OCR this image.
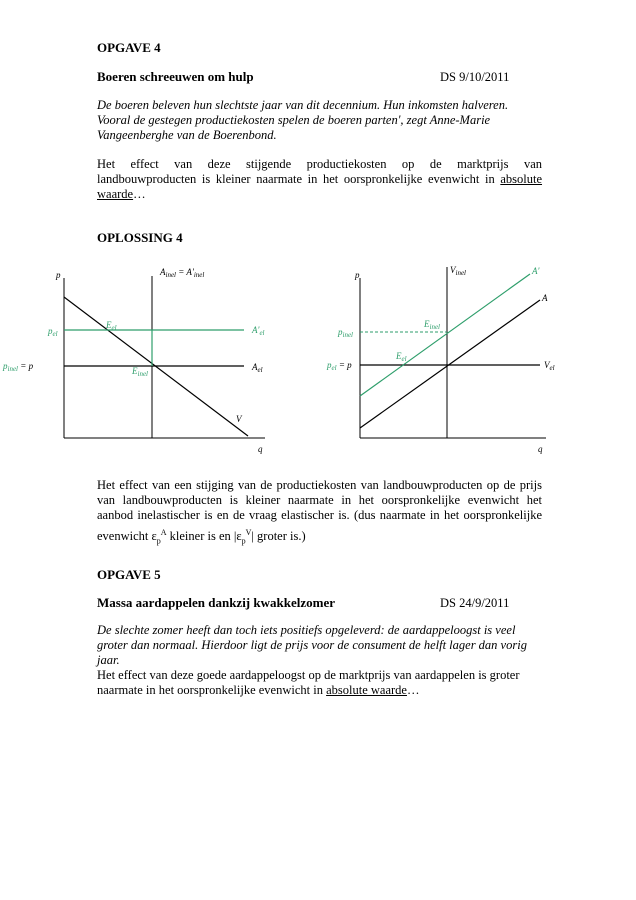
OPGAVE 4
Boeren schreeuwen om hulp	DS 9/10/2011
De boeren beleven hun slechtste jaar van dit decennium. Hun inkomsten halveren.
Vooral de gestegen productiekosten spelen de boeren parten', zegt Anne-Marie
Vangeenberghe van de Boerenbond.
Het effect van deze stijgende productiekosten op de marktprijs van
landbouwproducten is kleiner naarmate in het oorspronkelijke evenwicht in absolute
waarde…
OPLOSSING 4
p
q
$A_{inel} = A'_{inel}$
$p_{el}$
$p_{inel} = p$
$E_{el}$
$E_{inel}$
$A'_{el}$
$A_{el}$
V
p
q
$V_{inel}$	A'
A
$p_{inel}$
$E_{inel}$
$E_{el}$
$p_{el} = p$	$V_{el}$
Het effect van een stijging van de productiekosten van landbouwproducten op de prijs
van landbouwproducten is kleiner naarmate in het oorspronkelijke evenwicht het
aanbod inelastischer is en de vraag elastischer is. (dus naarmate in het oorspronkelijke
evenwicht $\varepsilon_p^A$ kleiner is en $|\varepsilon_p^V|$ groter is.)
OPGAVE 5
Massa aardappelen dankzij kwakkelzomer	DS 24/9/2011
De slechte zomer heeft dan toch iets positiefs opgeleverd: de aardappeloogst is veel
groter dan normaal. Hierdoor ligt de prijs voor de consument de helft lager dan vorig
jaar.
Het effect van deze goede aardappeloogst op de marktprijs van aardappelen is groter
naarmate in het oorspronkelijke evenwicht in absolute waarde…
